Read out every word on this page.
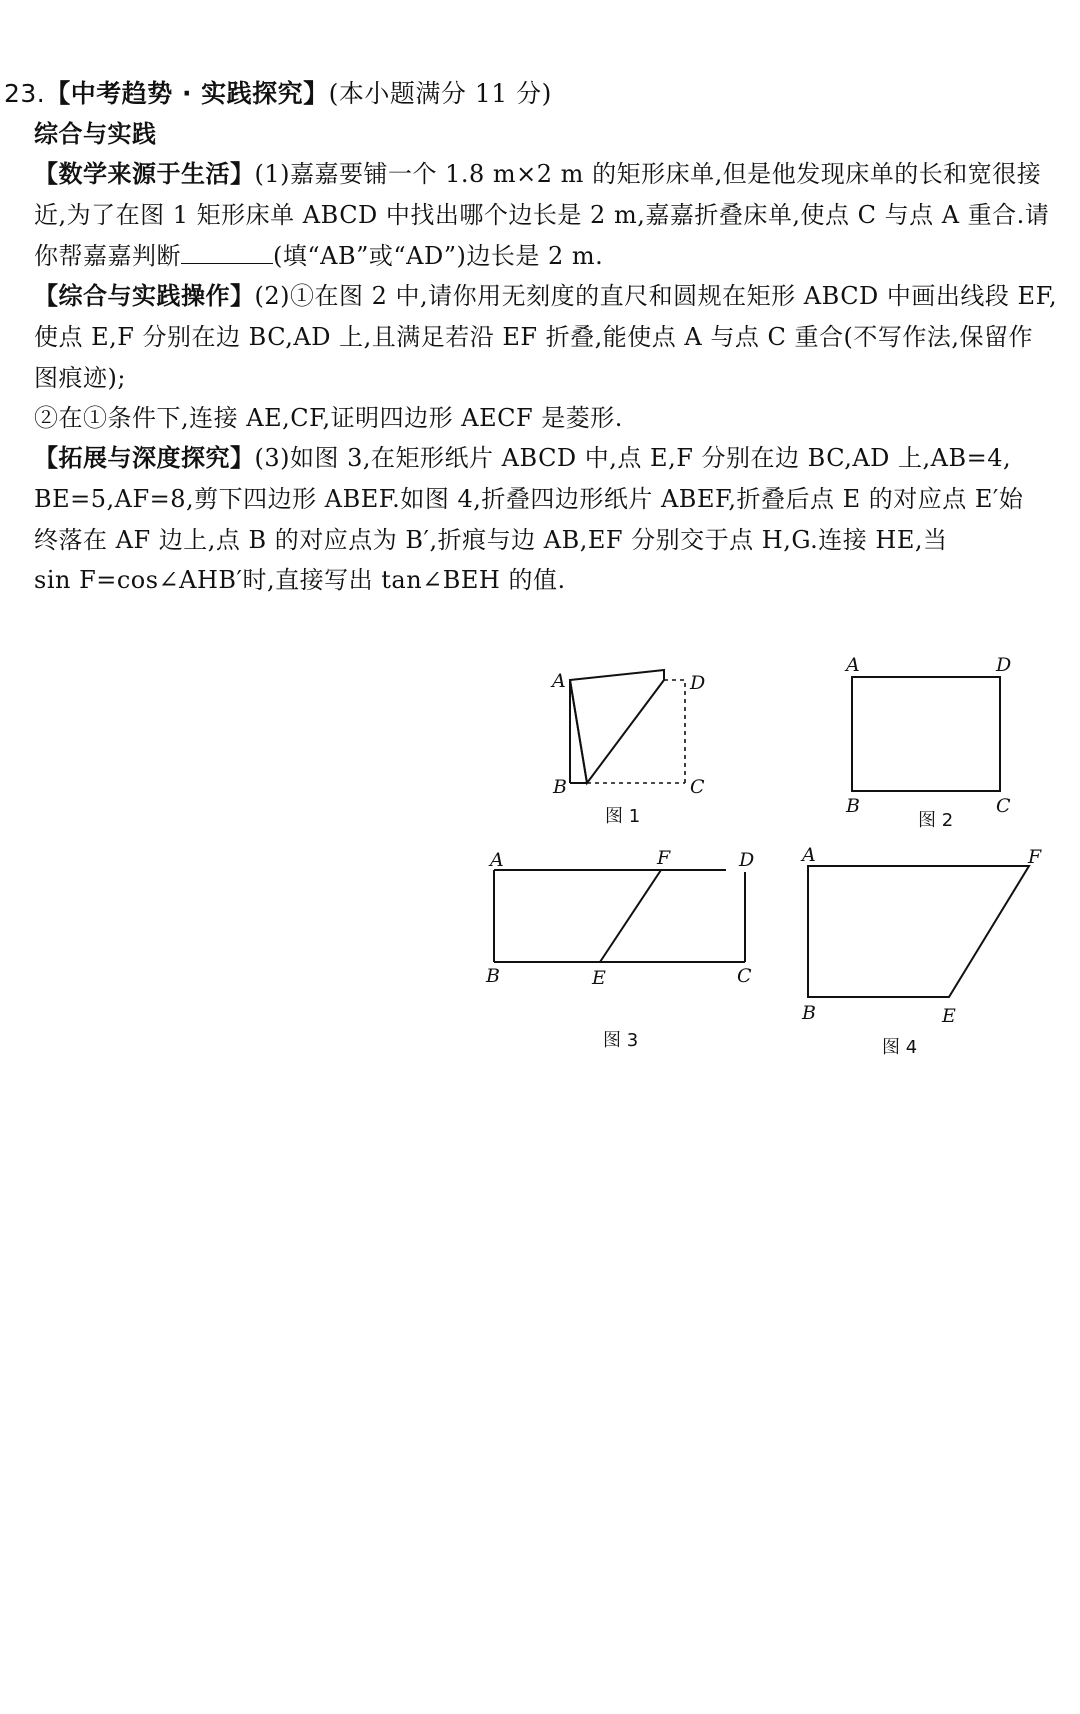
23.【中考趋势 · 实践探究】(本小题满分 11 分)
综合与实践
【数学来源于生活】(1)嘉嘉要铺一个 1.8 m×2 m 的矩形床单,但是他发现床单的长和宽很接
近,为了在图 1 矩形床单 ABCD 中找出哪个边长是 2 m,嘉嘉折叠床单,使点 C 与点 A 重合.请
你帮嘉嘉判断	(填“AB”或“AD”)边长是 2 m.
【综合与实践操作】(2)①在图 2 中,请你用无刻度的直尺和圆规在矩形 ABCD 中画出线段 EF,
使点 E,F 分别在边 BC,AD 上,且满足若沿 EF 折叠,能使点 A 与点 C 重合(不写作法,保留作
图痕迹);
②在①条件下,连接 AE,CF,证明四边形 AECF 是菱形.
【拓展与深度探究】(3)如图 3,在矩形纸片 ABCD 中,点 E,F 分别在边 BC,AD 上,AB=4,
BE=5,AF=8,剪下四边形 ABEF.如图 4,折叠四边形纸片 ABEF,折叠后点 E 的对应点 E′始
终落在 AF 边上,点 B 的对应点为 B′,折痕与边 AB,EF 分别交于点 H,G.连接 HE,当
sin F=cos∠AHB′时,直接写出 tan∠BEH 的值.
A	D
B	C
图 1
A	D
B	C
图 2
A	F	D
B	E	C
图 3
A	F
B	E
图 4
